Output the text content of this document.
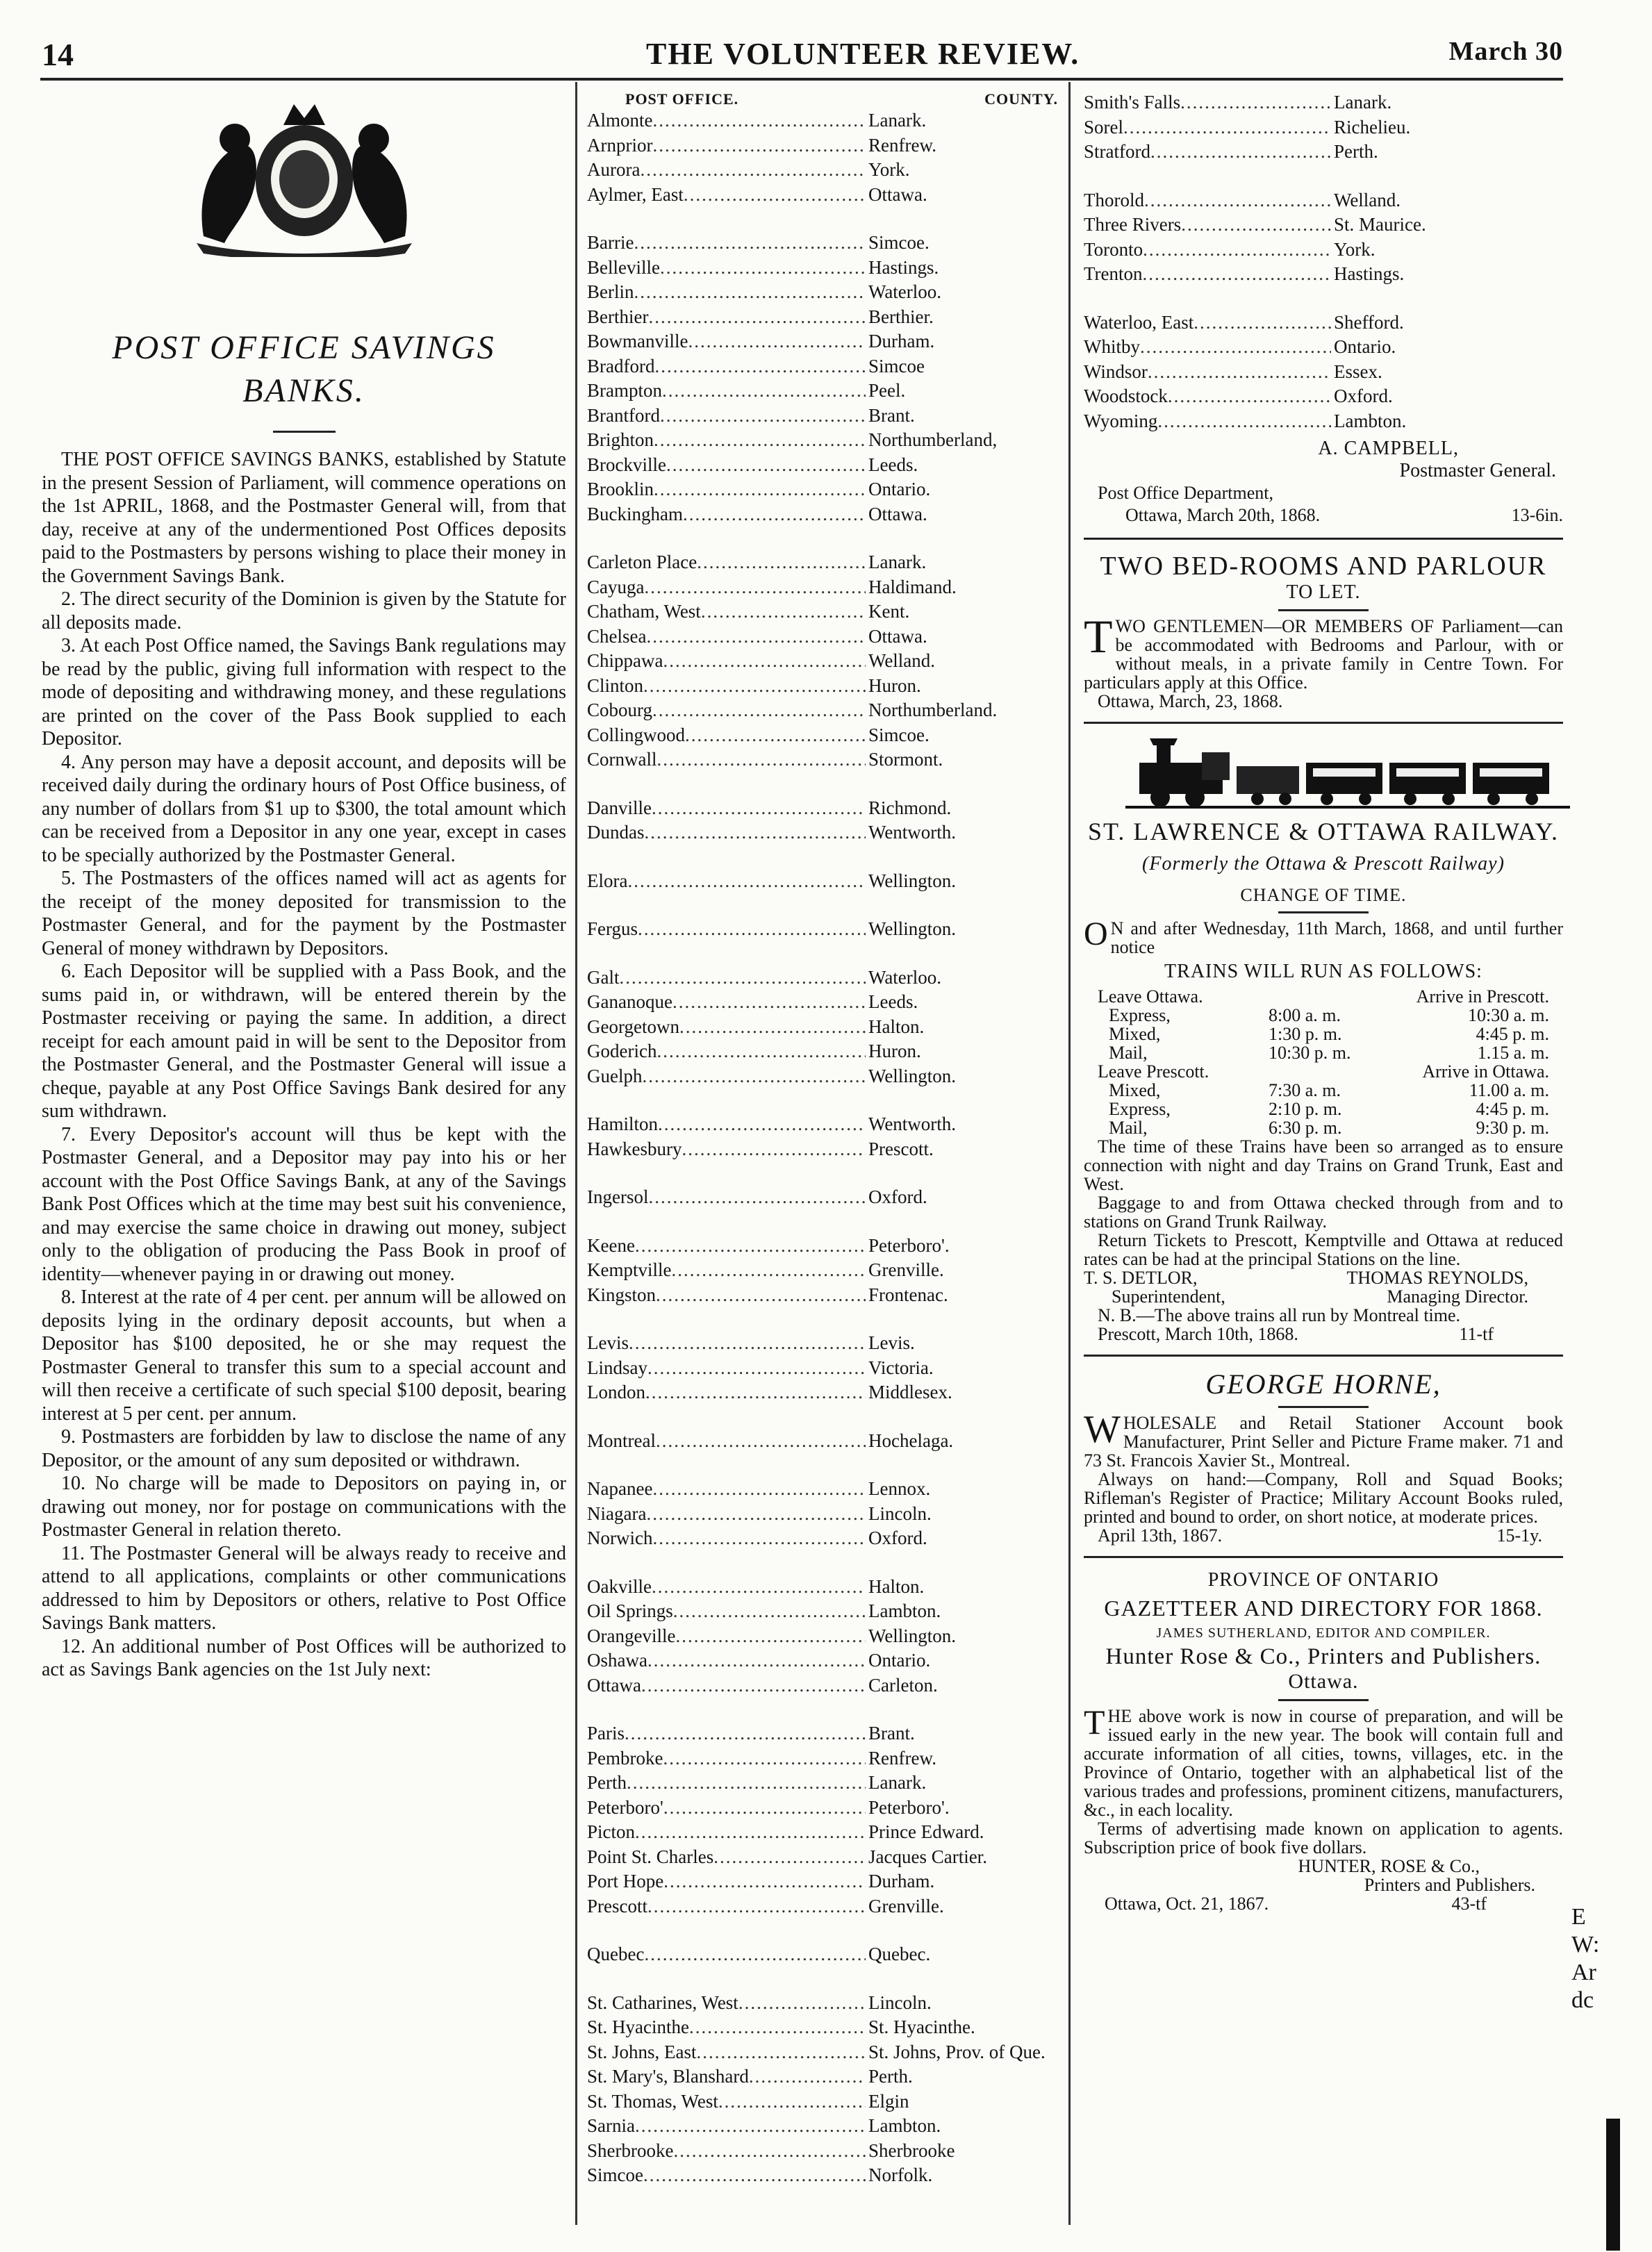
14	THE VOLUNTEER REVIEW.	March 30
POST OFFICE SAVINGS
BANKS.

THE POST OFFICE SAVINGS BANKS, established by Statute in the present Session of Parliament, will commence operations on the 1st APRIL, 1868, and the Postmaster General will, from that day, receive at any of the undermentioned Post Offices deposits paid to the Postmasters by persons wishing to place their money in the Government Savings Bank.

2. The direct security of the Dominion is given by the Statute for all deposits made.

3. At each Post Office named, the Savings Bank regulations may be read by the public, giving full information with respect to the mode of depositing and withdrawing money, and these regulations are printed on the cover of the Pass Book supplied to each Depositor.

4. Any person may have a deposit account, and deposits will be received daily during the ordinary hours of Post Office business, of any number of dollars from $1 up to $300, the total amount which can be received from a Depositor in any one year, except in cases to be specially authorized by the Postmaster General.

5. The Postmasters of the offices named will act as agents for the receipt of the money deposited for transmission to the Postmaster General, and for the payment by the Postmaster General of money withdrawn by Depositors.

6. Each Depositor will be supplied with a Pass Book, and the sums paid in, or withdrawn, will be entered therein by the Postmaster receiving or paying the same. In addition, a direct receipt for each amount paid in will be sent to the Depositor from the Postmaster General, and the Postmaster General will issue a cheque, payable at any Post Office Savings Bank desired for any sum withdrawn.

7. Every Depositor's account will thus be kept with the Postmaster General, and a Depositor may pay into his or her account with the Post Office Savings Bank, at any of the Savings Bank Post Offices which at the time may best suit his convenience, and may exercise the same choice in drawing out money, subject only to the obligation of producing the Pass Book in proof of identity—whenever paying in or drawing out money.

8. Interest at the rate of 4 per cent. per annum will be allowed on deposits lying in the ordinary deposit accounts, but when a Depositor has $100 deposited, he or she may request the Postmaster General to transfer this sum to a special account and will then receive a certificate of such special $100 deposit, bearing interest at 5 per cent. per annum.

9. Postmasters are forbidden by law to disclose the name of any Depositor, or the amount of any sum deposited or withdrawn.

10. No charge will be made to Depositors on paying in, or drawing out money, nor for postage on communications with the Postmaster General in relation thereto.

11. The Postmaster General will be always ready to receive and attend to all applications, complaints or other communications addressed to him by Depositors or others, relative to Post Office Savings Bank matters.

12. An additional number of Post Offices will be authorized to act as Savings Bank agencies on the 1st July next:

POST OFFICE.	COUNTY.
Almonte .....	Lanark.
Arnprior .....	Renfrew.
Aurora .....	York.
Aylmer, East .....	Ottawa.
Barrie .....	Simcoe.
Belleville .....	Hastings.
Berlin .....	Waterloo.
Berthier .....	Berthier.
Bowmanville .....	Durham.
Bradford .....	Simcoe
Brampton .....	Peel.
Brantford .....	Brant.
Brighton .....	Northumberland,
Brockville .....	Leeds.
Brooklin .....	Ontario.
Buckingham .....	Ottawa.
Carleton Place .....	Lanark.
Cayuga .....	Haldimand.
Chatham, West .....	Kent.
Chelsea .....	Ottawa.
Chippawa .....	Welland.
Clinton .....	Huron.
Cobourg .....	Northumberland.
Collingwood .....	Simcoe.
Cornwall .....	Stormont.
Danville .....	Richmond.
Dundas .....	Wentworth.
Elora .....	Wellington.
Fergus .....	Wellington.
Galt .....	Waterloo.
Gananoque .....	Leeds.
Georgetown .....	Halton.
Goderich .....	Huron.
Guelph .....	Wellington.
Hamilton .....	Wentworth.
Hawkesbury .....	Prescott.
Ingersol .....	Oxford.
Keene .....	Peterboro'.
Kemptville .....	Grenville.
Kingston .....	Frontenac.
Levis .....	Levis.
Lindsay .....	Victoria.
London .....	Middlesex.
Montreal .....	Hochelaga.
Napanee .....	Lennox.
Niagara .....	Lincoln.
Norwich .....	Oxford.
Oakville .....	Halton.
Oil Springs .....	Lambton.
Orangeville .....	Wellington.
Oshawa .....	Ontario.
Ottawa .....	Carleton.
Paris .....	Brant.
Pembroke .....	Renfrew.
Perth .....	Lanark.
Peterboro' .....	Peterboro'.
Picton .....	Prince Edward.
Point St. Charles .....	Jacques Cartier.
Port Hope .....	Durham.
Prescott .....	Grenville.
Quebec .....	Quebec.
St. Catharines, West .....	Lincoln.
St. Hyacinthe .....	St. Hyacinthe.
St. Johns, East .....	St. Johns, Prov. of Que.
St. Mary's, Blanshard .....	Perth.
St. Thomas, West .....	Elgin
Sarnia .....	Lambton.
Sherbrooke .....	Sherbrooke
Simcoe .....	Norfolk.
Smith's Falls .....	Lanark.
Sorel .....	Richelieu.
Stratford .....	Perth.
Thorold .....	Welland.
Three Rivers .....	St. Maurice.
Toronto .....	York.
Trenton .....	Hastings.
Waterloo, East .....	Shefford.
Whitby .....	Ontario.
Windsor .....	Essex.
Woodstock .....	Oxford.
Wyoming .....	Lambton.
A. CAMPBELL,
Postmaster General.
Post Office Department,
Ottawa, March 20th, 1868.	13-6in.
TWO BED-ROOMS AND PARLOUR
TO LET.

TWO GENTLEMEN—OR MEMBERS OF Parliament—can be accommodated with Bedrooms and Parlour, with or without meals, in a private family in Centre Town. For particulars apply at this Office.

Ottawa, March, 23, 1868.
ST. LAWRENCE & OTTAWA RAILWAY.
(Formerly the Ottawa & Prescott Railway)
CHANGE OF TIME.

O N and after Wednesday, 11th March, 1868, and until further notice

TRAINS WILL RUN AS FOLLOWS:
Leave Ottawa.	Arrive in Prescott.
Express,	8:00 a. m.	10:30 a. m.
Mixed,	1:30 p. m.	4:45 p. m.
Mail,	10:30 p. m.	1.15 a. m.
Leave Prescott.	Arrive in Ottawa.
Mixed,	7:30 a. m.	11.00 a. m.
Express,	2:10 p. m.	4:45 p. m.
Mail,	6:30 p. m.	9:30 p. m.

The time of these Trains have been so arranged as to ensure connection with night and day Trains on Grand Trunk, East and West.

Baggage to and from Ottawa checked through from and to stations on Grand Trunk Railway.

Return Tickets to Prescott, Kemptville and Ottawa at reduced rates can be had at the principal Stations on the line.

T. S. DETLOR,	THOMAS REYNOLDS,
Superintendent,	Managing Director.

N. B.—The above trains all run by Montreal time.

Prescott, March 10th, 1868.	11-tf
GEORGE HORNE,

WHOLESALE and Retail Stationer Account book Manufacturer, Print Seller and Picture Frame maker. 71 and 73 St. Francois Xavier St., Montreal.

Always on hand:—Company, Roll and Squad Books; Rifleman's Register of Practice; Military Account Books ruled, printed and bound to order, on short notice, at moderate prices.

April 13th, 1867.	15-1y.
PROVINCE OF ONTARIO
GAZETTEER AND DIRECTORY FOR 1868.
JAMES SUTHERLAND, EDITOR AND COMPILER.
Hunter Rose & Co., Printers and Publishers.
Ottawa.

THE above work is now in course of preparation, and will be issued early in the new year. The book will contain full and accurate information of all cities, towns, villages, etc. in the Province of Ontario, together with an alphabetical list of the various trades and professions, prominent citizens, manufacturers, &c., in each locality.

Terms of advertising made known on application to agents. Subscription price of book five dollars.

HUNTER, ROSE & Co.,
Printers and Publishers.
Ottawa, Oct. 21, 1867.	43-tf
E W: Ar dc
